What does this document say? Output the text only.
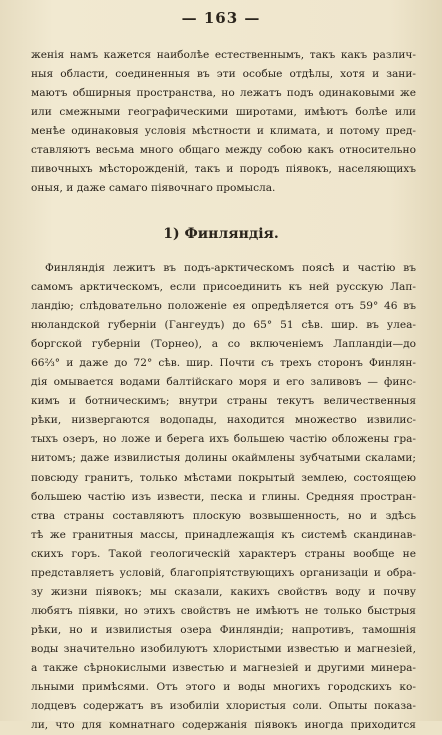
— 163 —
женія намъ кажется наиболѣе естественнымъ, такъ какъ различ-
ныя области, соединенныя въ эти особые отдѣлы, хотя и зани-
маютъ обширныя пространства, но лежатъ подъ одинаковыми же
или смежными географическими широтами, имѣютъ болѣе или
менѣе одинаковыя условія мѣстности и климата, и потому пред-
ставляютъ весьма много общаго между собою какъ относительно
пивочныхъ мѣсторожденій, такъ и породъ піявокъ, населяющихъ
оныя, и даже самаго піявочнаго промысла.
1) Финляндія.
Финляндія лежитъ въ подъ-арктическомъ поясѣ и частію въ
самомъ арктическомъ, если присоединить къ ней русскую Лап-
ландію; слѣдовательно положеніе ея опредѣляется отъ 59° 46 въ
нюландской губерніи (Гангеудъ) до 65° 51 сѣв. шир. въ улеа-
боргской губерніи (Торнео), а со включеніемъ Лапландіи—до
66⅔° и даже до 72° сѣв. шир. Почти съ трехъ сторонъ Финлян-
дія омывается водами балтійскаго моря и его заливовъ — финс-
кимъ и ботническимъ; внутри страны текутъ величественныя
рѣки, низвергаются водопады, находится множество извилис-
тыхъ озеръ, но ложе и берега ихъ большею частію обложены гра-
нитомъ; даже извилистыя долины окаймлены зубчатыми скалами;
повсюду гранитъ, только мѣстами покрытый землею, состоящею
большею частію изъ извести, песка и глины. Средняя простран-
ства страны составляютъ плоскую возвышенность, но и здѣсь
тѣ же гранитныя массы, принадлежащія къ системѣ скандинав-
скихъ горъ. Такой геологическій характеръ страны вообще не
представляетъ условій, благопріятствующихъ организаціи и обра-
зу жизни піявокъ; мы сказали, какихъ свойствъ воду и почву
любятъ піявки, но этихъ свойствъ не имѣютъ не только быстрыя
рѣки, но и извилистыя озера Финляндіи; напротивъ, тамошнія
воды значительно изобилуютъ хлористыми известью и магнезіей,
а также сѣрнокислыми известью и магнезіей и другими минера-
льными примѣсями. Отъ этого и воды многихъ городскихъ ко-
лодцевъ содержатъ въ изобиліи хлористыя соли. Опыты показа-
ли, что для комнатнаго содержанія піявокъ иногда приходится
